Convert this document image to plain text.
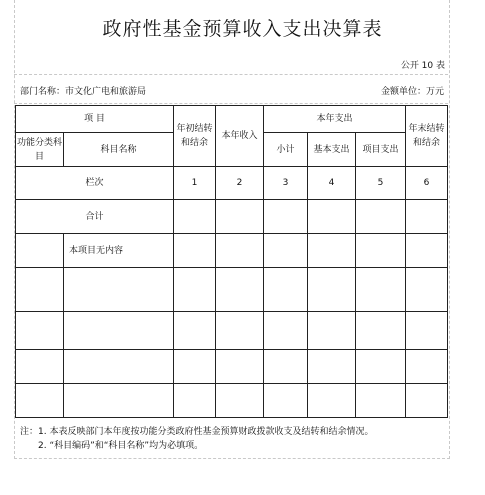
政府性基金预算收入支出决算表
公开 10 表
部门名称：市文化广电和旅游局	金额单位：万元
项 目		年初结转和结余	本年收入	本年支出			年末结转和结余
功能分类科目	科目名称			小计	基本支出	项目支出	
栏次		1	2	3	4	5	6
合计							
	本项目无内容						

注：1. 本表反映部门本年度按功能分类政府性基金预算财政拨款收支及结转和结余情况。
2. “科目编码”和“科目名称”均为必填项。
